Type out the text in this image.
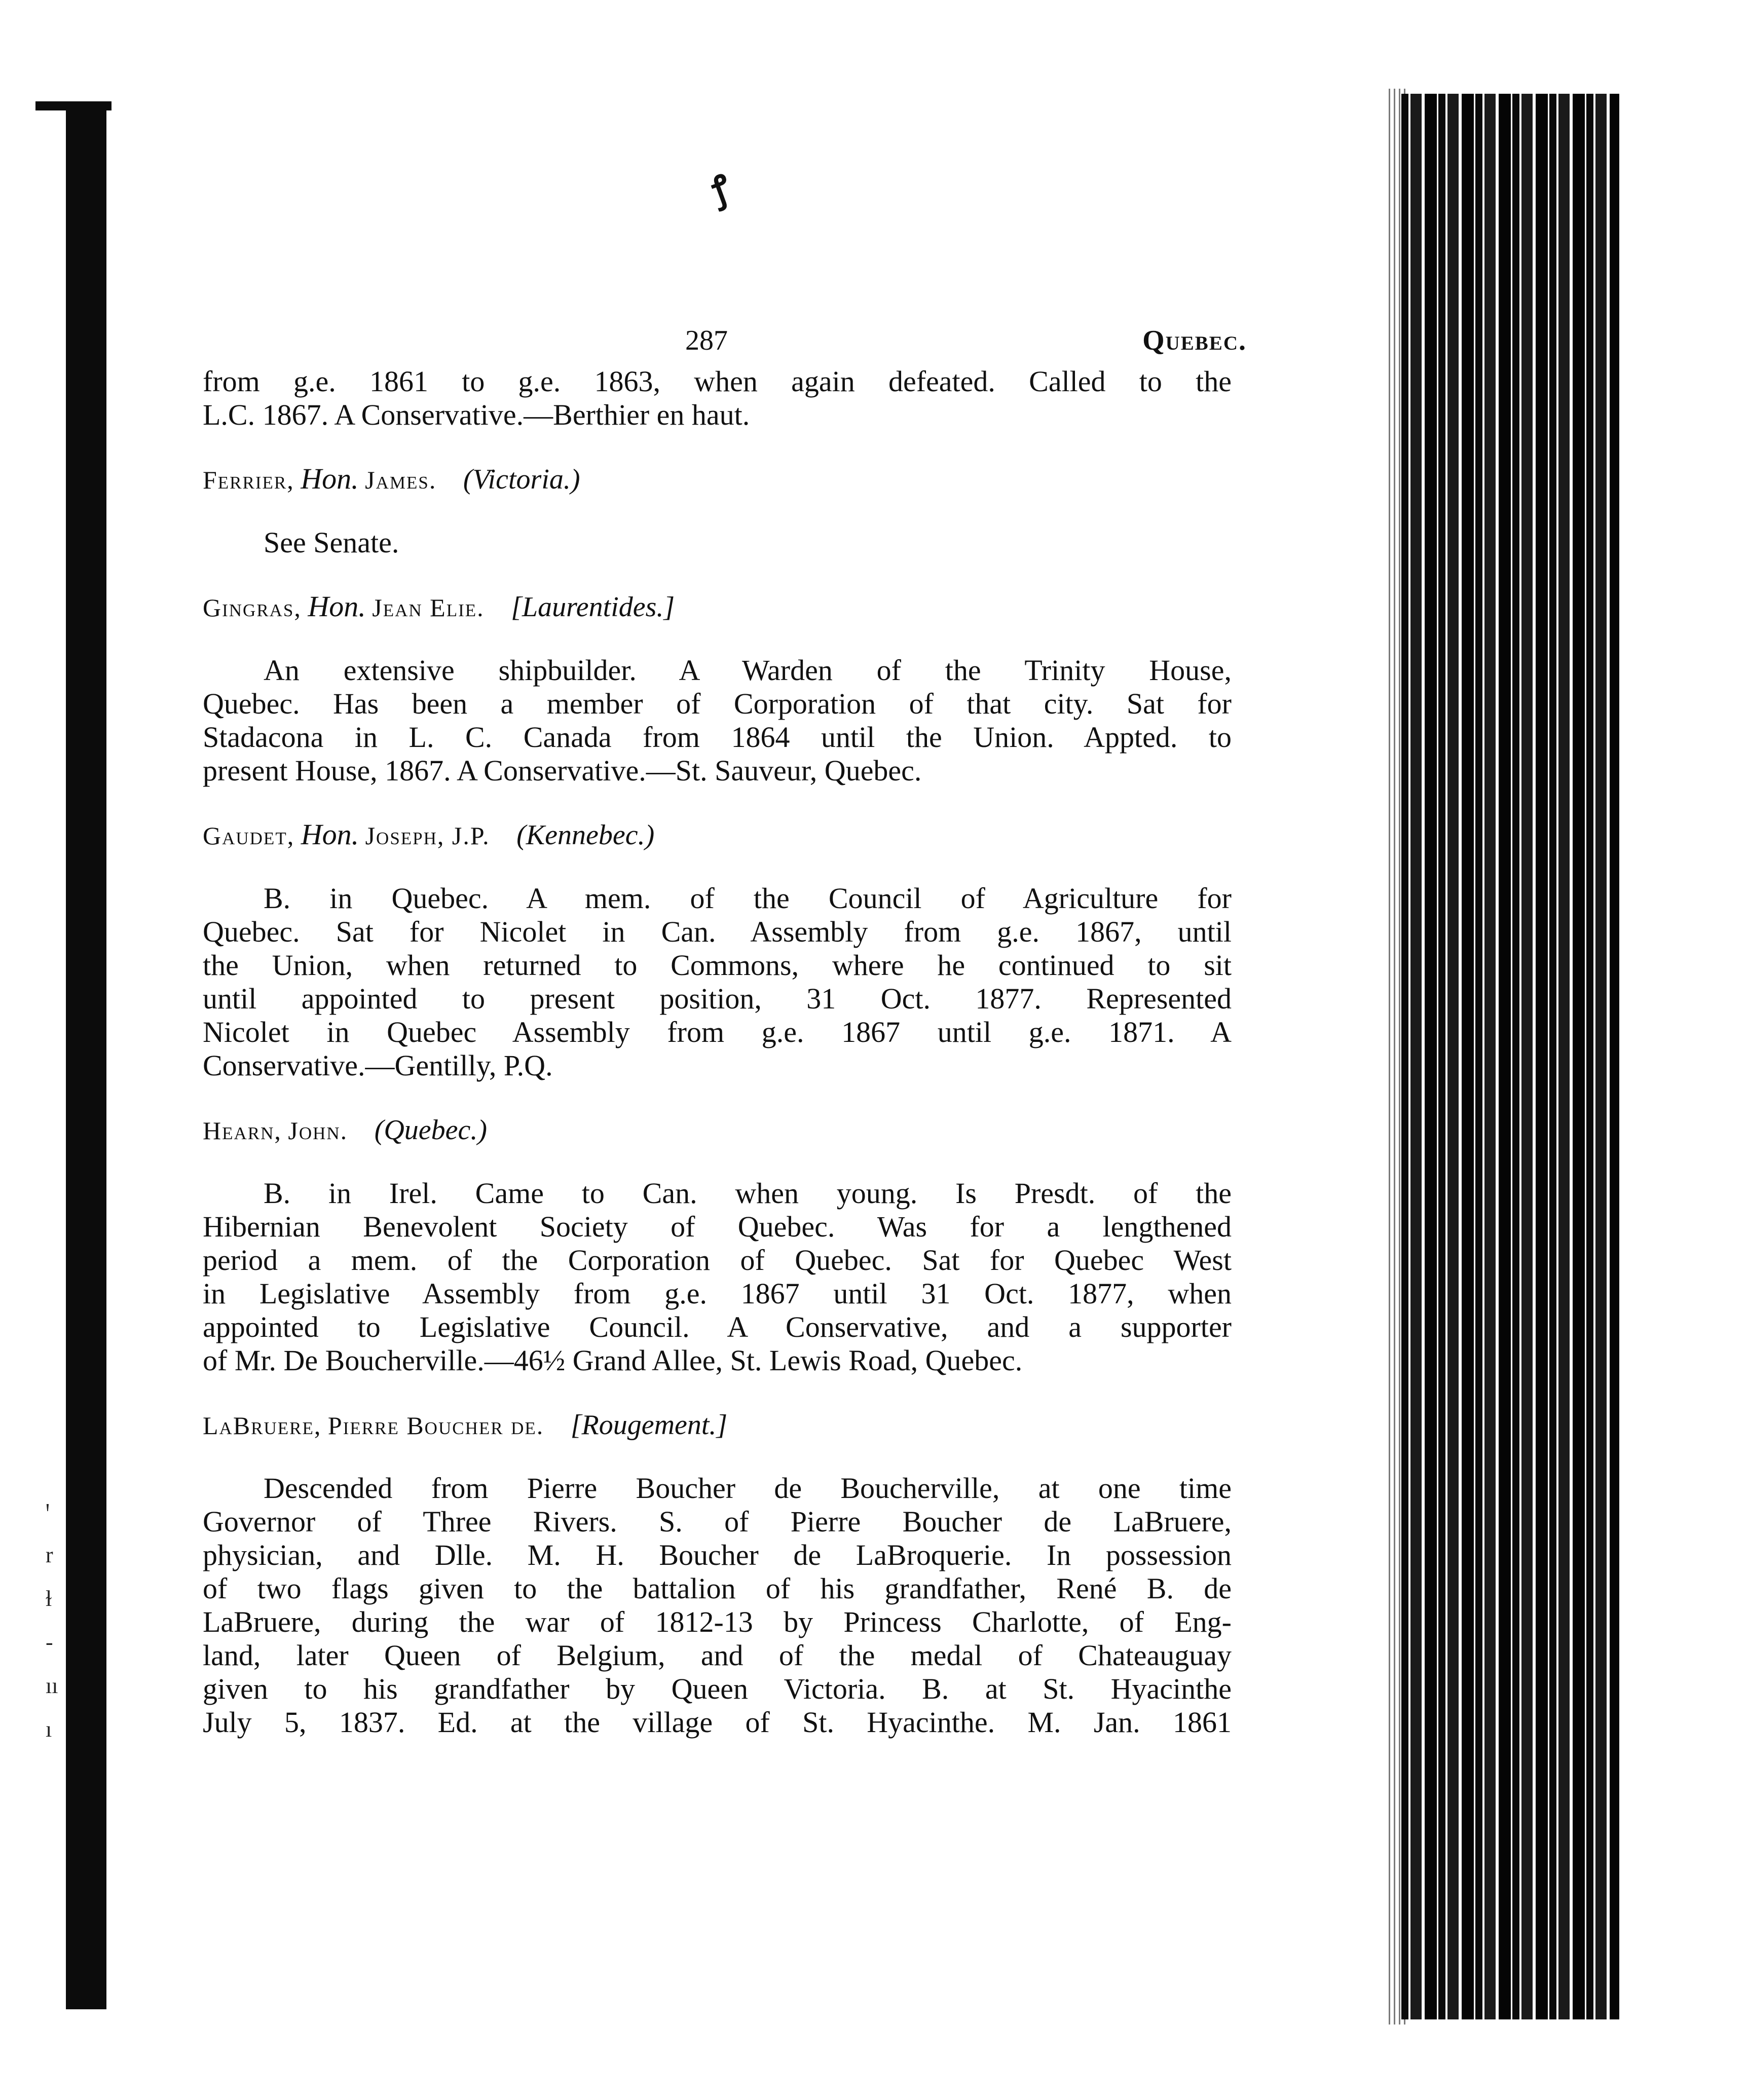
ꝭ
ꞌ
r
ɫ
-
ıı
ı
287	Quebec.
from g.e. 1861 to g.e. 1863, when again defeated. Called to the
L.C. 1867. A Conservative.—Berthier en haut.
Ferrier, Hon. James. (Victoria.)
See Senate.
Gingras, Hon. Jean Elie. [Laurentides.]
An extensive shipbuilder. A Warden of the Trinity House,
Quebec. Has been a member of Corporation of that city. Sat for
Stadacona in L. C. Canada from 1864 until the Union. Appted. to
present House, 1867. A Conservative.—St. Sauveur, Quebec.
Gaudet, Hon. Joseph, J.P. (Kennebec.)
B. in Quebec. A mem. of the Council of Agriculture for
Quebec. Sat for Nicolet in Can. Assembly from g.e. 1867, until
the Union, when returned to Commons, where he continued to sit
until appointed to present position, 31 Oct. 1877. Represented
Nicolet in Quebec Assembly from g.e. 1867 until g.e. 1871. A
Conservative.—Gentilly, P.Q.
Hearn, John. (Quebec.)
B. in Irel. Came to Can. when young. Is Presdt. of the
Hibernian Benevolent Society of Quebec. Was for a lengthened
period a mem. of the Corporation of Quebec. Sat for Quebec West
in Legislative Assembly from g.e. 1867 until 31 Oct. 1877, when
appointed to Legislative Council. A Conservative, and a supporter
of Mr. De Boucherville.—46½ Grand Allee, St. Lewis Road, Quebec.
LaBruere, Pierre Boucher de. [Rougement.]
Descended from Pierre Boucher de Boucherville, at one time
Governor of Three Rivers. S. of Pierre Boucher de LaBruere,
physician, and Dlle. M. H. Boucher de LaBroquerie. In possession
of two flags given to the battalion of his grandfather, René B. de
LaBruere, during the war of 1812-13 by Princess Charlotte, of Eng-
land, later Queen of Belgium, and of the medal of Chateauguay
given to his grandfather by Queen Victoria. B. at St. Hyacinthe
July 5, 1837. Ed. at the village of St. Hyacinthe. M. Jan. 1861
